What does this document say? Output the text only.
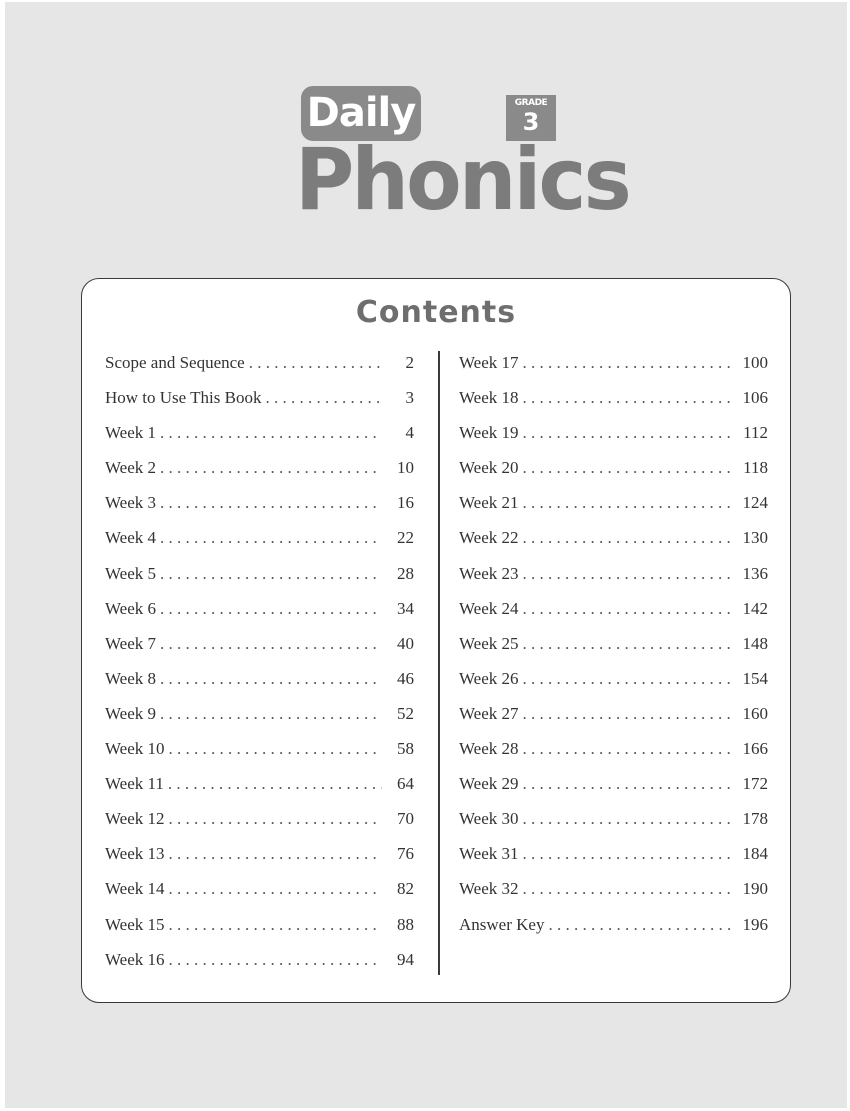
Daily	GRADE
3
Phonics
Contents
Scope and Sequence . . .	2
How to Use This Book . . .	3
Week 1 . . .	4
Week 2 . . .	10
Week 3 . . .	16
Week 4 . . .	22
Week 5 . . .	28
Week 6 . . .	34
Week 7 . . .	40
Week 8 . . .	46
Week 9 . . .	52
Week 10 . . .	58
Week 11 . . .	64
Week 12 . . .	70
Week 13 . . .	76
Week 14 . . .	82
Week 15 . . .	88
Week 16 . . .	94
Week 17 . . .	100
Week 18 . . .	106
Week 19 . . .	112
Week 20 . . .	118
Week 21 . . .	124
Week 22 . . .	130
Week 23 . . .	136
Week 24 . . .	142
Week 25 . . .	148
Week 26 . . .	154
Week 27 . . .	160
Week 28 . . .	166
Week 29 . . .	172
Week 30 . . .	178
Week 31 . . .	184
Week 32 . . .	190
Answer Key . . .	196
